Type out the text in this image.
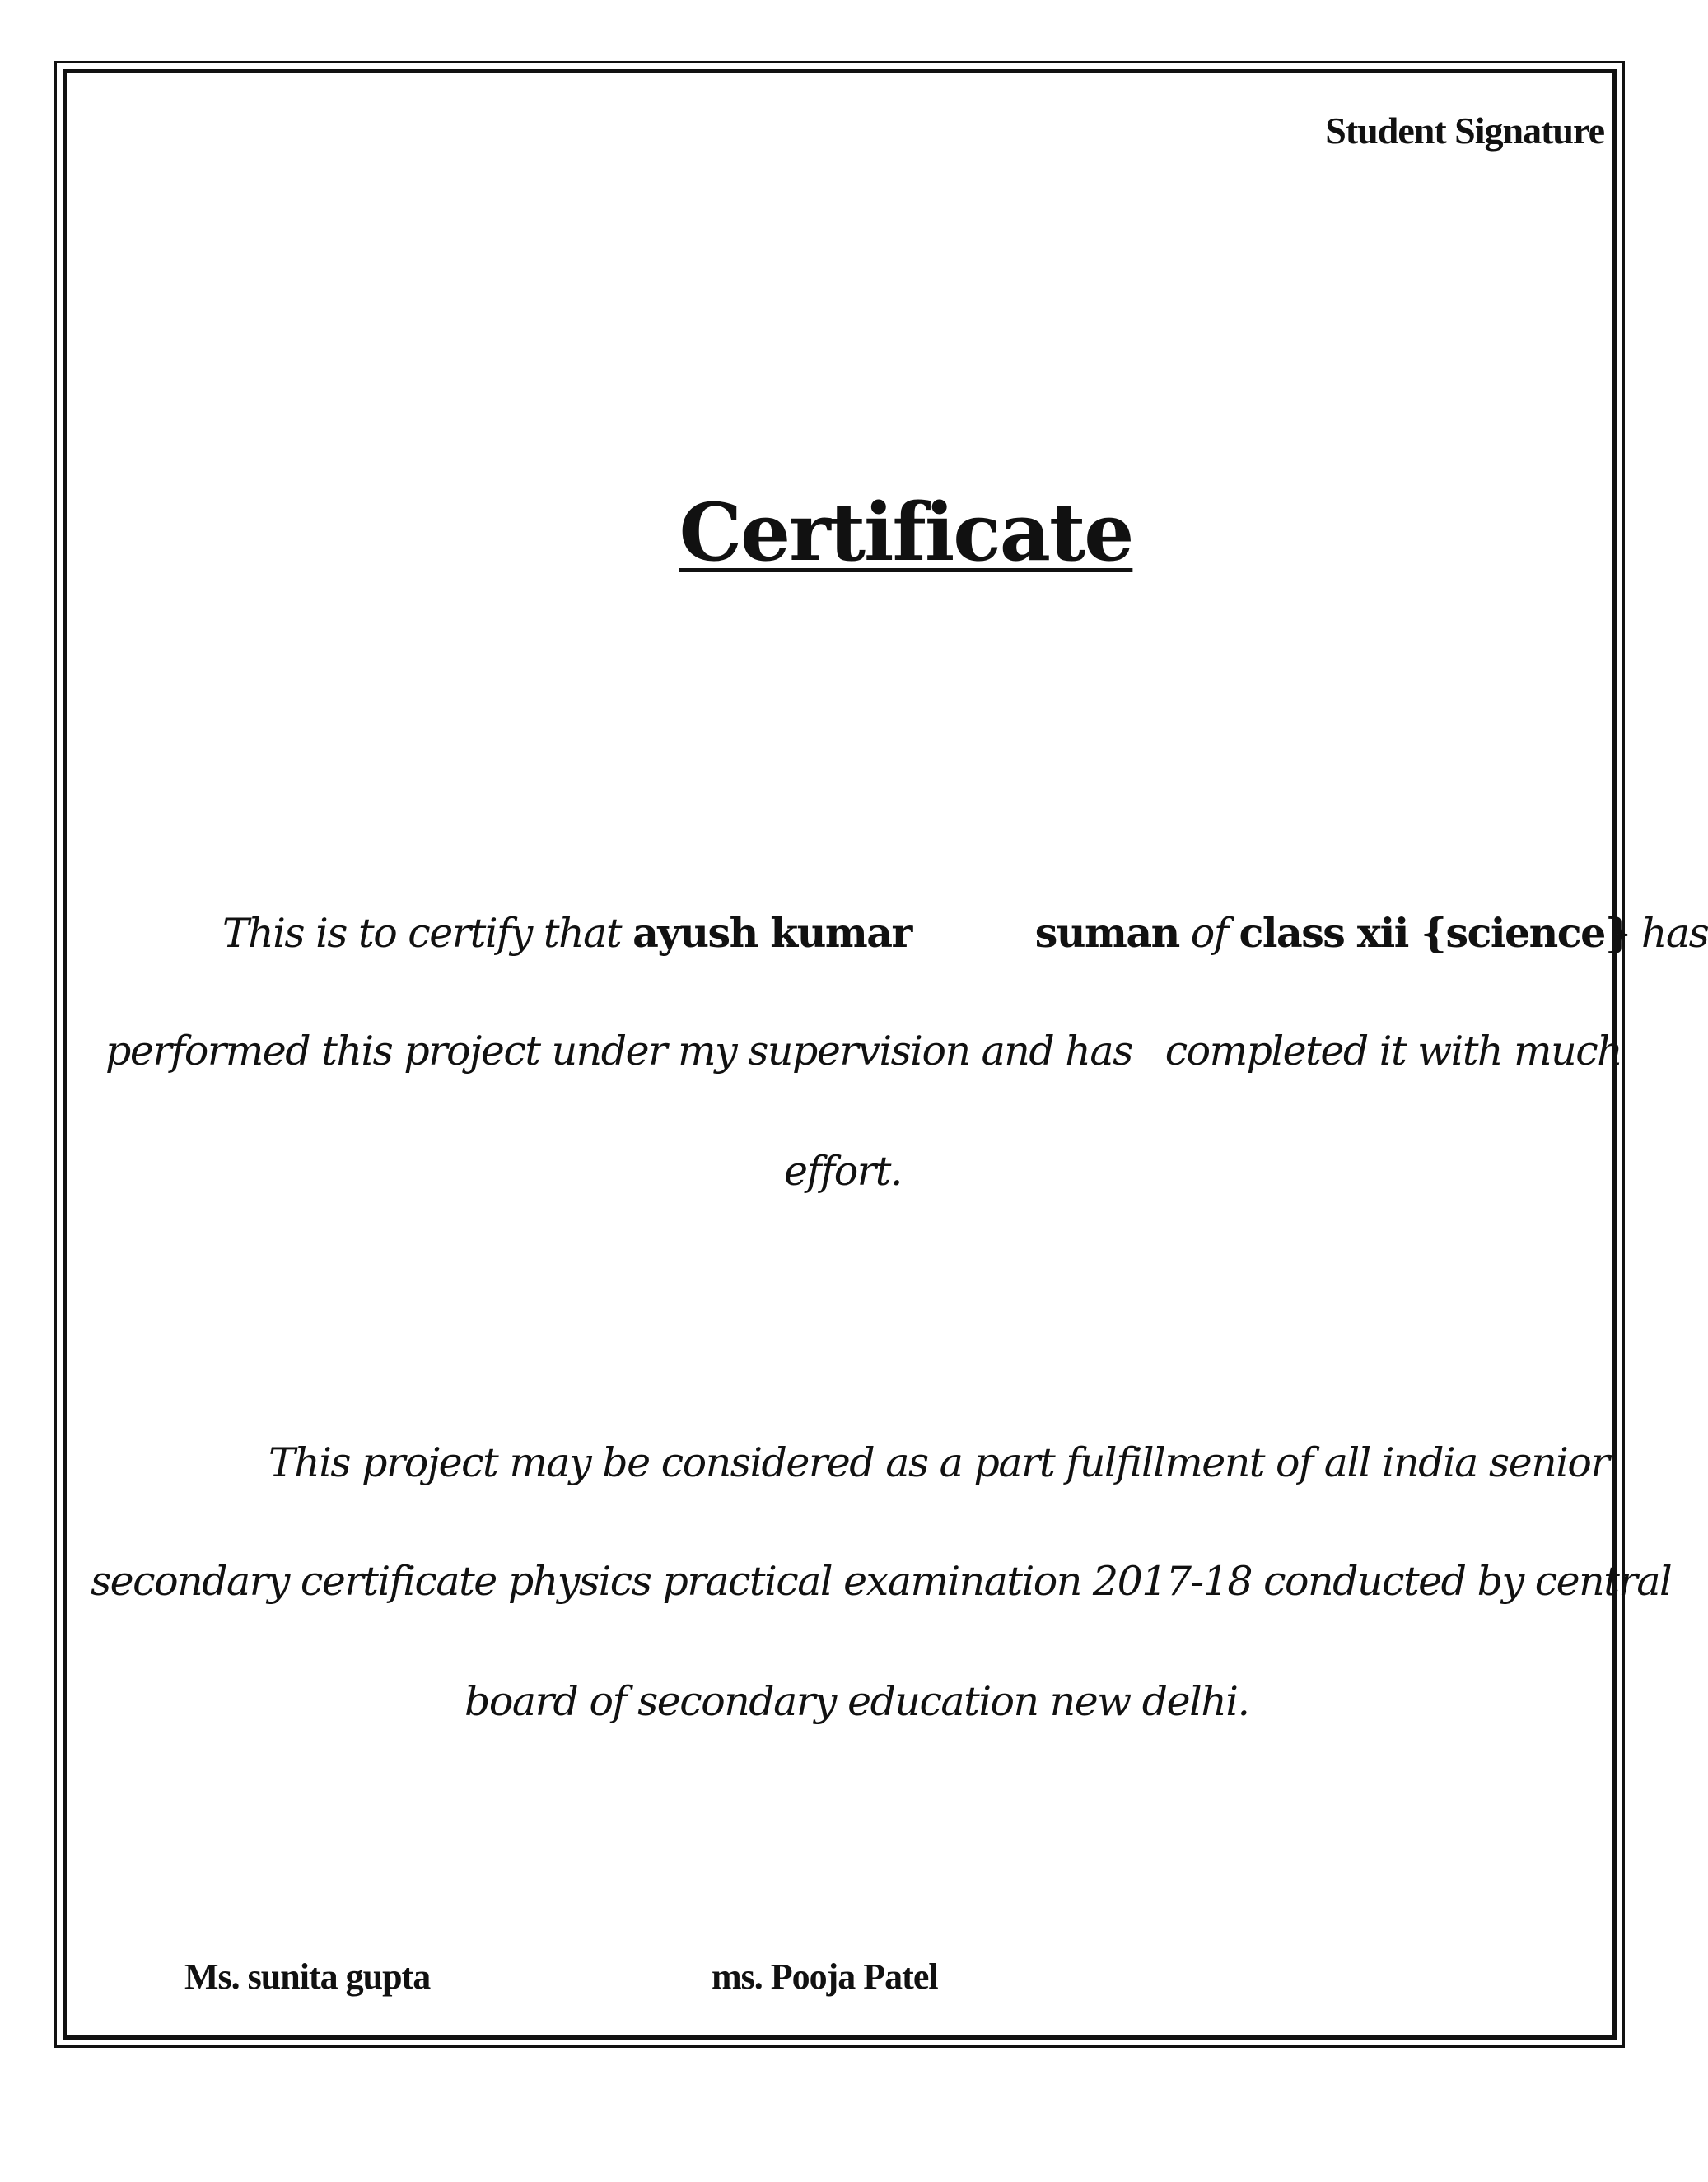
Student Signature
Certificate
This is to certify that ayush kumar	suman of class xii {science} has
performed this project under my supervision and has completed it with much
effort.
This project may be considered as a part fulfillment of all india senior
secondary certificate physics practical examination 2017-18 conducted by central
board of secondary education new delhi.
Ms. sunita gupta	ms. Pooja Patel
